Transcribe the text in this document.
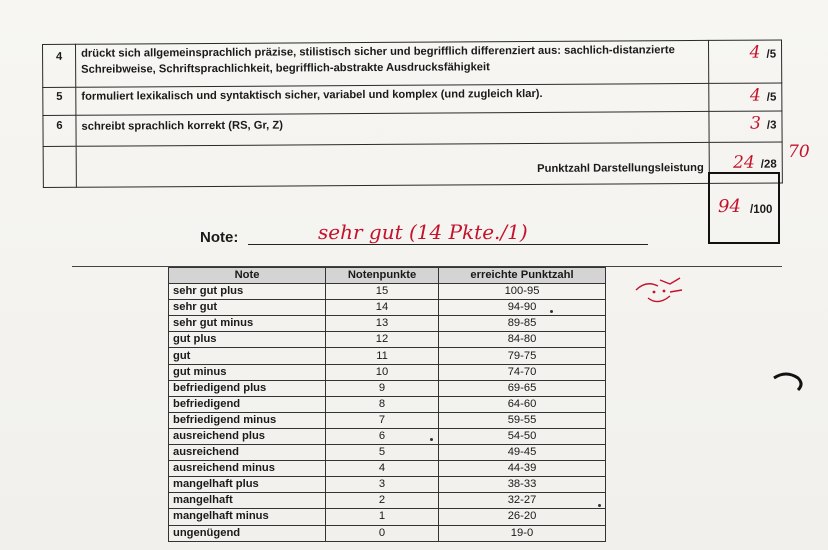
4	drückt sich allgemeinsprachlich präzise, stilistisch sicher und begrifflich differenziert aus: sachlich-distanzierte
Schreibweise, Schriftsprachlichkeit, begrifflich-abstrakte Ausdrucksfähigkeit	4 /5
5	formuliert lexikalisch und syntaktisch sicher, variabel und komplex (und zugleich klar).	4 /5
6	schreibt sprachlich korrekt (RS, Gr, Z)	3 /3
	Punktzahl Darstellungsleistung	24 /28
70
94 /100
Note:	sehr gut (14 Pkte./1)
Note	Notenpunkte	erreichte Punktzahl
sehr gut plus	15	100-95
sehr gut	14	94-90
sehr gut minus	13	89-85
gut plus	12	84-80
gut	11	79-75
gut minus	10	74-70
befriedigend plus	9	69-65
befriedigend	8	64-60
befriedigend minus	7	59-55
ausreichend plus	6	54-50
ausreichend	5	49-45
ausreichend minus	4	44-39
mangelhaft plus	3	38-33
mangelhaft	2	32-27
mangelhaft minus	1	26-20
ungenügend	0	19-0
